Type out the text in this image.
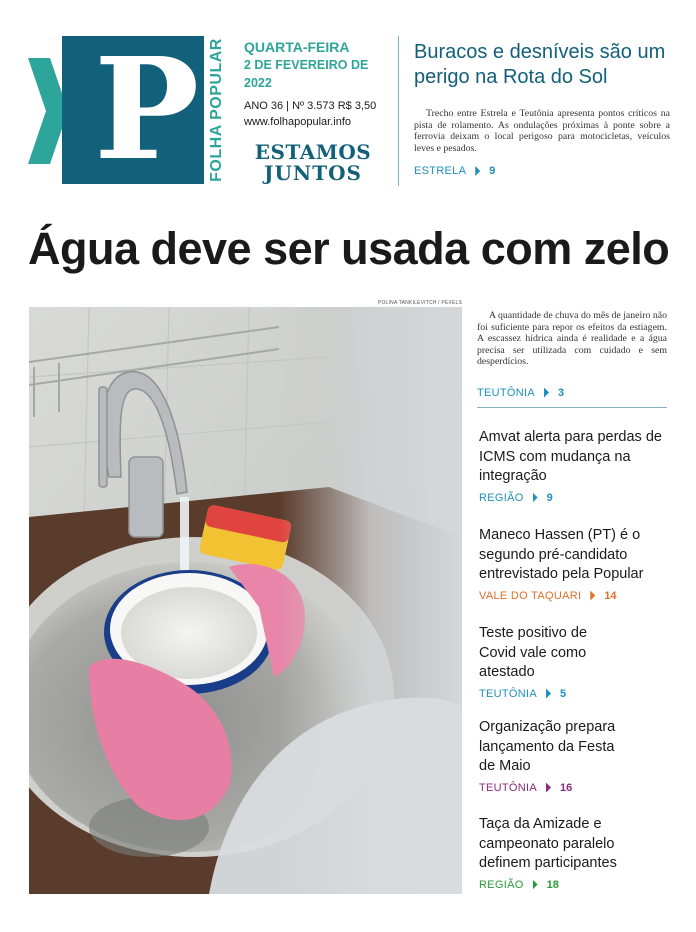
P FOLHA POPULAR QUARTA-FEIRA
2 DE FEVEREIRO DE 2022
ANO 36 | Nº 3.573 R$ 3,50
www.folhapopular.info
ESTAMOS
JUNTOS
Buracos e desníveis são um perigo na Rota do Sol

Trecho entre Estrela e Teutônia apresenta pontos críticos na pista de rolamento. As ondulações próximas à ponte sobre a ferrovia deixam o local perigoso para motocicletas, veículos leves e pesados.

ESTRELA 9
Água deve ser usada com zelo
POLINA TANKILEVITCH / PEXELS

A quantidade de chuva do mês de janeiro não foi suficiente para repor os efeitos da estiagem. A escassez hídrica ainda é realidade e a água precisa ser utilizada com cuidado e sem desperdícios.

TEUTÔNIA 3
Amvat alerta para perdas de ICMS com mudança na integração
REGIÃO 9
Maneco Hassen (PT) é o segundo pré-candidato entrevistado pela Popular
VALE DO TAQUARI 14
Teste positivo de Covid vale como atestado
TEUTÔNIA 5
Organização prepara lançamento da Festa de Maio
TEUTÔNIA 16
Taça da Amizade e campeonato paralelo definem participantes
REGIÃO 18
